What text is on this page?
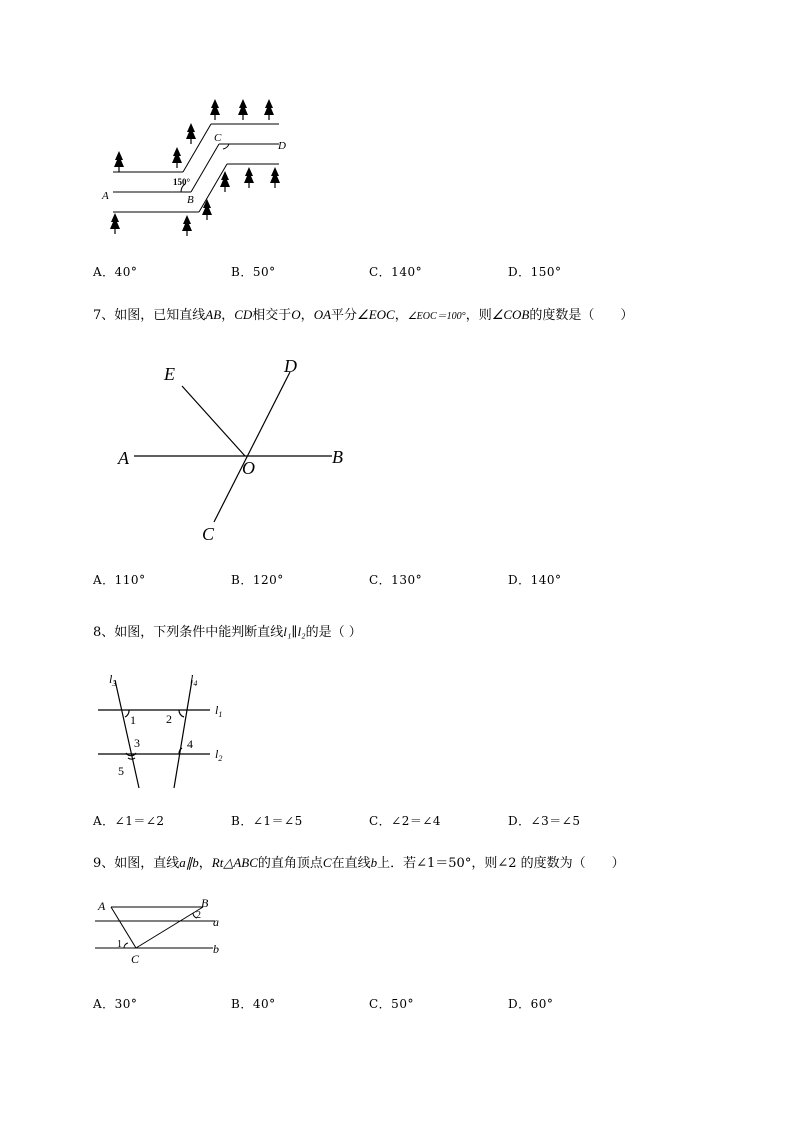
A	B
C
D
150°
A．40°	B．50°	C．140°	D．150°
7、如图，已知直线AB，CD相交于O，OA平分∠EOC，∠EOC＝100°，则∠COB的度数是（　　）
A	B
C
D
E
O
A．110°	B．120°	C．130°	D．140°
8、如图，下列条件中能判断直线l₁∥l₂的是（ ）
$l_3$	$l_4$
$l_1$
$l_2$
1	2
3	4
5
A．∠1＝∠2	B．∠1＝∠5	C．∠2＝∠4	D．∠3＝∠5
9、如图，直线a∥b，Rt△ABC的直角顶点C在直线b上．若∠1＝50°，则∠2 的度数为（　　）
A	B
C
a
b
1
2
A．30°	B．40°	C．50°	D．60°
